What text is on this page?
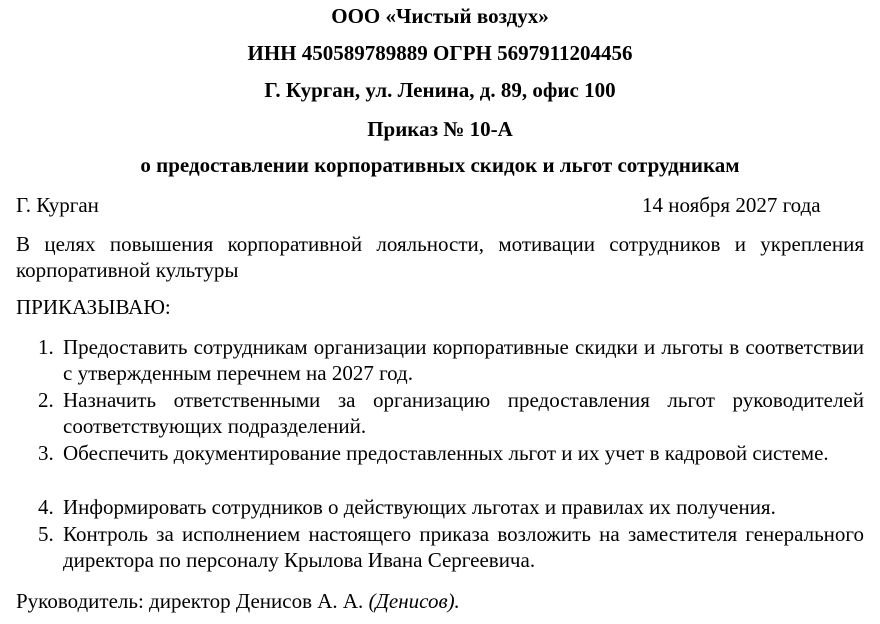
ООО «Чистый воздух»
ИНН 450589789889 ОГРН 5697911204456
Г. Курган, ул. Ленина, д. 89, офис 100
Приказ № 10-А
о предоставлении корпоративных скидок и льгот сотрудникам
Г. Курган	14 ноября 2027 года
В целях повышения корпоративной лояльности, мотивации сотрудников и укрепления корпоративной культуры
ПРИКАЗЫВАЮ:
1. Предоставить сотрудникам организации корпоративные скидки и льготы в соответствии с утвержденным перечнем на 2027 год.
2. Назначить ответственными за организацию предоставления льгот руководителей соответствующих подразделений.
3. Обеспечить документирование предоставленных льгот и их учет в кадровой системе.
4. Информировать сотрудников о действующих льготах и правилах их получения.
5. Контроль за исполнением настоящего приказа возложить на заместителя генерального директора по персоналу Крылова Ивана Сергеевича.
Руководитель: директор Денисов А. А. (Денисов).
